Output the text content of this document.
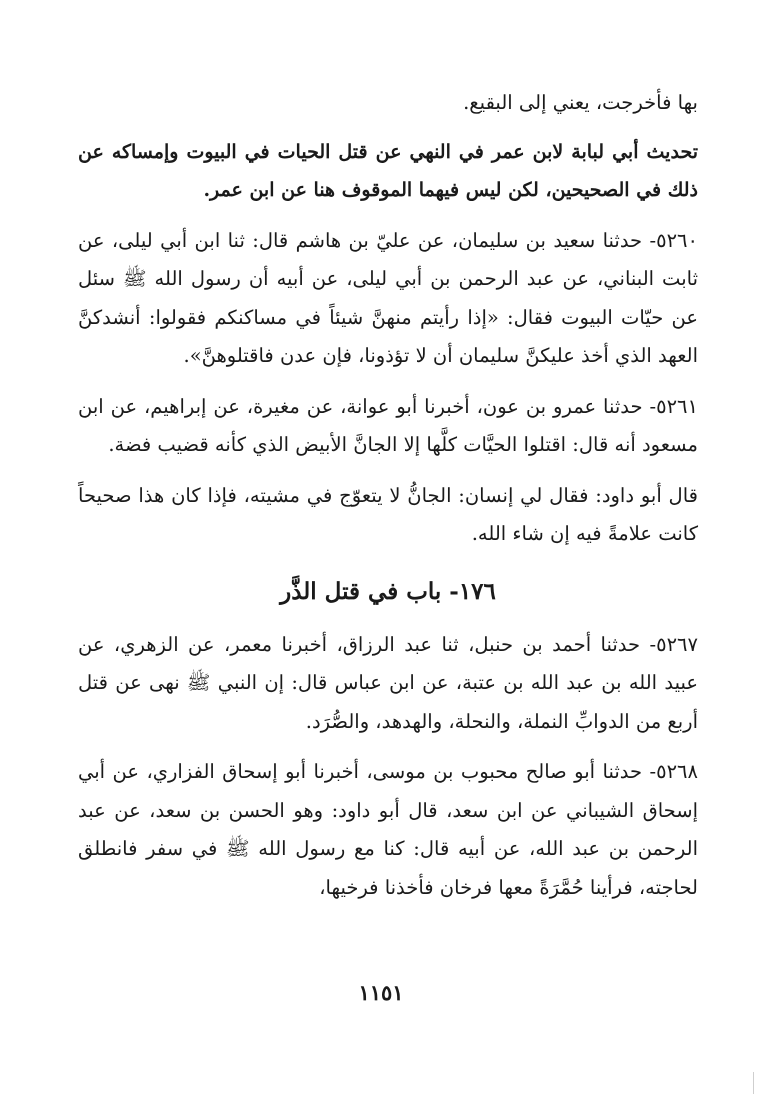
بها فأخرجت، يعني إلى البقيع.

تحديث أبي لبابة لابن عمر في النهي عن قتل الحيات في البيوت وإمساكه عن ذلك في الصحيحين، لكن ليس فيهما الموقوف هنا عن ابن عمر.

٥٢٦٠- حدثنا سعيد بن سليمان، عن عليّ بن هاشم قال: ثنا ابن أبي ليلى، عن ثابت البناني، عن عبد الرحمن بن أبي ليلى، عن أبيه أن رسول الله ﷺ سئل عن حيّات البيوت فقال: «إذا رأيتم منهنَّ شيئاً في مساكنكم فقولوا: أنشدكنَّ العهد الذي أخذ عليكنَّ سليمان أن لا تؤذونا، فإن عدن فاقتلوهنَّ».

٥٢٦١- حدثنا عمرو بن عون، أخبرنا أبو عوانة، عن مغيرة، عن إبراهيم، عن ابن مسعود أنه قال: اقتلوا الحيَّات كلَّها إلا الجانَّ الأبيض الذي كأنه قضيب فضة.

قال أبو داود: فقال لي إنسان: الجانُّ لا يتعوّج في مشيته، فإذا كان هذا صحيحاً كانت علامةً فيه إن شاء الله.

١٧٦- باب في قتل الذَّر

٥٢٦٧- حدثنا أحمد بن حنبل، ثنا عبد الرزاق، أخبرنا معمر، عن الزهري، عن عبيد الله بن عبد الله بن عتبة، عن ابن عباس قال: إن النبي ﷺ نهى عن قتل أربع من الدوابِّ النملة، والنحلة، والهدهد، والصُّرَد.

٥٢٦٨- حدثنا أبو صالح محبوب بن موسى، أخبرنا أبو إسحاق الفزاري، عن أبي إسحاق الشيباني عن ابن سعد، قال أبو داود: وهو الحسن بن سعد، عن عبد الرحمن بن عبد الله، عن أبيه قال: كنا مع رسول الله ﷺ في سفر فانطلق لحاجته، فرأينا حُمَّرَةً معها فرخان فأخذنا فرخيها،

١١٥١
